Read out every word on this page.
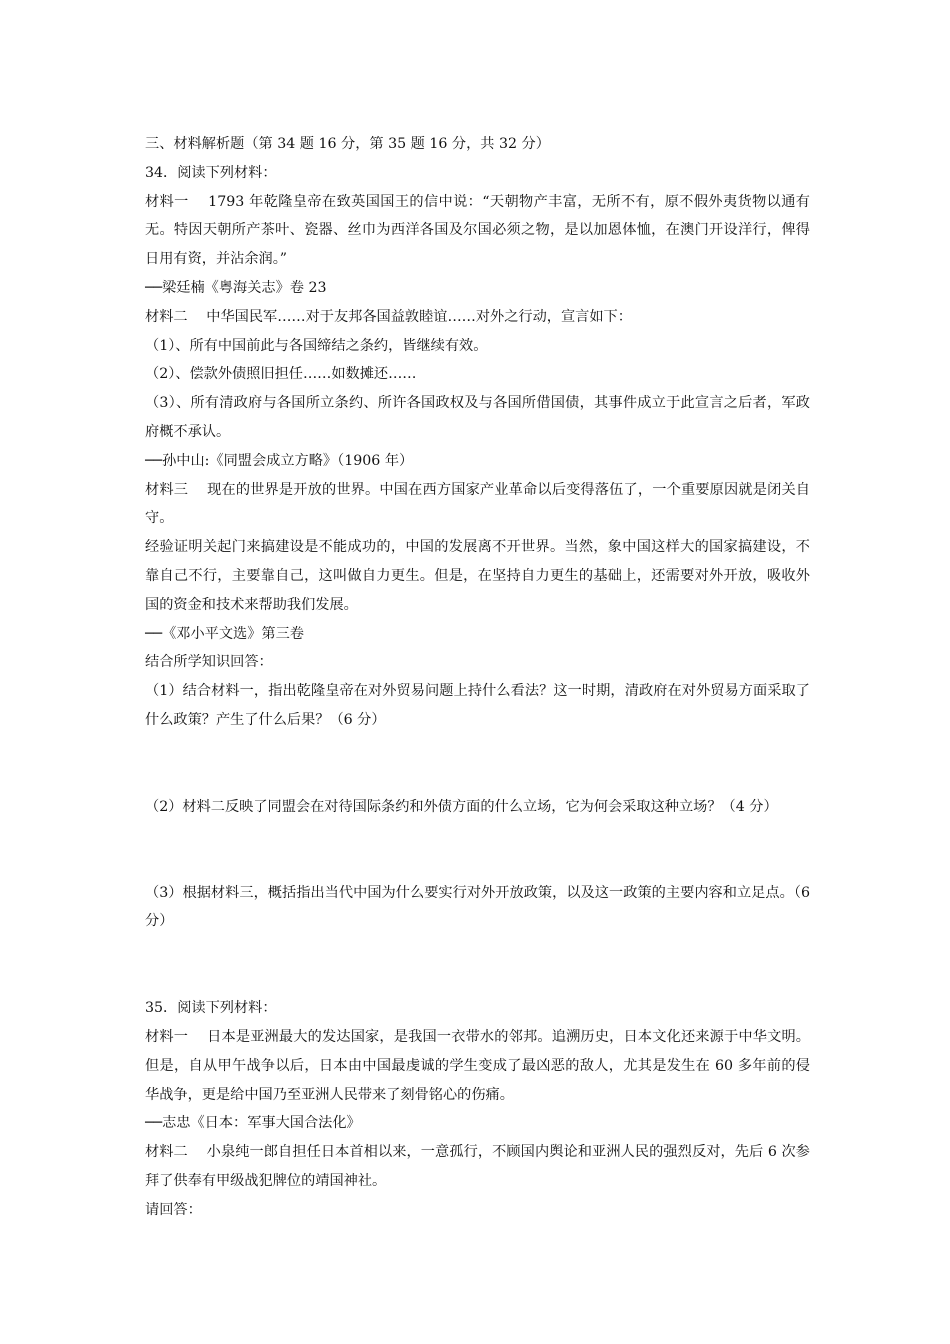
三、材料解析题（第 34 题 16 分，第 35 题 16 分，共 32 分）
34．阅读下列材料：
材料一　 1793 年乾隆皇帝在致英国国王的信中说：“天朝物产丰富，无所不有，原不假外夷货物以通有无。特因天朝所产茶叶、瓷器、丝巾为西洋各国及尔国必须之物，是以加恩体恤，在澳门开设洋行，俾得日用有资，并沾余润。”
──梁廷楠《粤海关志》卷 23
材料二　 中华国民军……对于友邦各国益敦睦谊……对外之行动，宣言如下：
（1）、所有中国前此与各国缔结之条约，皆继续有效。
（2）、偿款外债照旧担任……如数摊还……
（3）、所有清政府与各国所立条约、所许各国政权及与各国所借国债，其事件成立于此宣言之后者，军政府概不承认。
──孙中山:《同盟会成立方略》（1906 年）
材料三　 现在的世界是开放的世界。中国在西方国家产业革命以后变得落伍了，一个重要原因就是闭关自守。
经验证明关起门来搞建设是不能成功的，中国的发展离不开世界。当然，象中国这样大的国家搞建设，不靠自己不行，主要靠自己，这叫做自力更生。但是，在坚持自力更生的基础上，还需要对外开放，吸收外国的资金和技术来帮助我们发展。
──《邓小平文选》第三卷
结合所学知识回答：
（1）结合材料一，指出乾隆皇帝在对外贸易问题上持什么看法？这一时期，清政府在对外贸易方面采取了什么政策？产生了什么后果？（6 分）
（2）材料二反映了同盟会在对待国际条约和外债方面的什么立场，它为何会采取这种立场？（4 分）
（3）根据材料三，概括指出当代中国为什么要实行对外开放政策，以及这一政策的主要内容和立足点。（6 分）
35．阅读下列材料：
材料一　 日本是亚洲最大的发达国家，是我国一衣带水的邻邦。追溯历史，日本文化还来源于中华文明。但是，自从甲午战争以后，日本由中国最虔诚的学生变成了最凶恶的敌人，尤其是发生在 60 多年前的侵华战争，更是给中国乃至亚洲人民带来了刻骨铭心的伤痛。
──志忠《日本：军事大国合法化》
材料二　 小泉纯一郎自担任日本首相以来，一意孤行，不顾国内舆论和亚洲人民的强烈反对，先后 6 次参拜了供奉有甲级战犯牌位的靖国神社。
请回答：
